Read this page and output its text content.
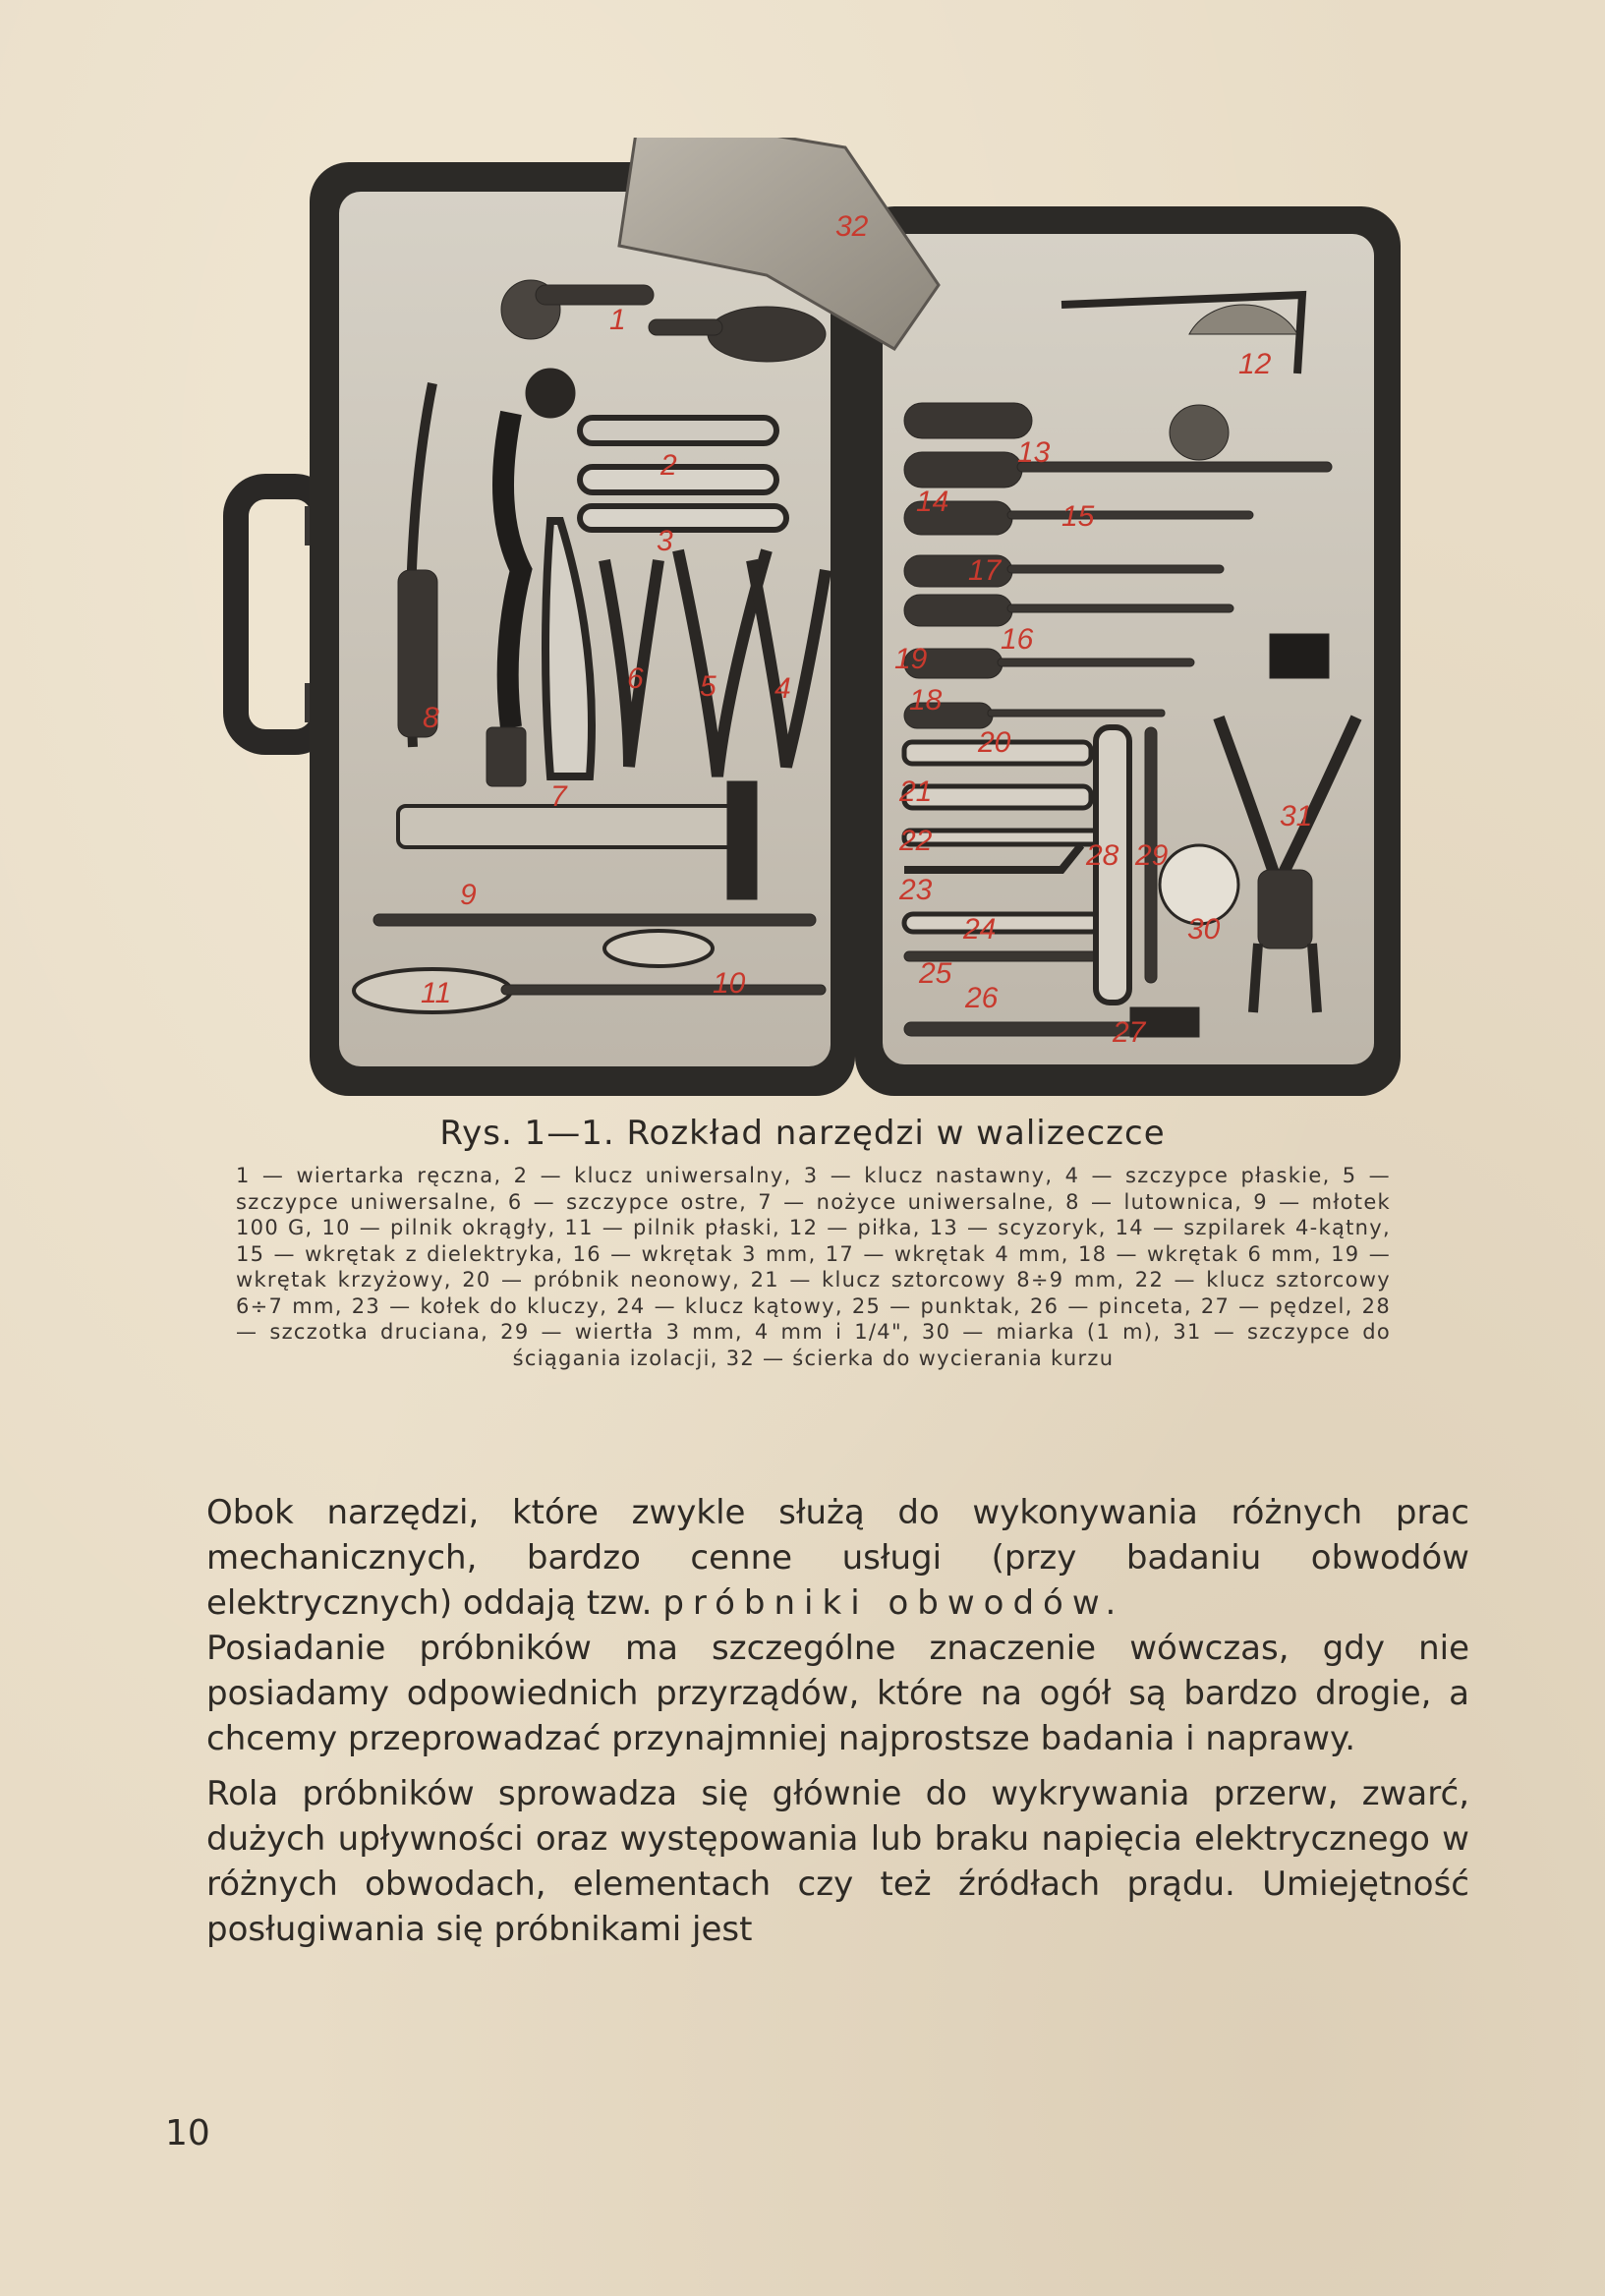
1
2
3
4
5
6
7
8
9
10
11
12
13
14	15
16
17
18
19
20
21
22
23
24
25
26
27
28 29
30
31
32
Rys. 1—1. Rozkład narzędzi w walizeczce
1 — wiertarka ręczna, 2 — klucz uniwersalny, 3 — klucz nastawny, 4 — szczypce płaskie, 5 — szczypce uniwersalne, 6 — szczypce ostre, 7 — nożyce uniwersalne, 8 — lutownica, 9 — młotek 100 G, 10 — pilnik okrągły, 11 — pilnik płaski, 12 — piłka, 13 — scyzoryk, 14 — szpilarek 4-kątny, 15 — wkrętak z dielektryka, 16 — wkrętak 3 mm, 17 — wkrętak 4 mm, 18 — wkrętak 6 mm, 19 — wkrętak krzyżowy, 20 — próbnik neonowy, 21 — klucz sztorcowy 8÷9 mm, 22 — klucz sztorcowy 6÷7 mm, 23 — kołek do kluczy, 24 — klucz kątowy, 25 — punktak, 26 — pinceta, 27 — pędzel, 28 — szczotka druciana, 29 — wiertła 3 mm, 4 mm i 1/4", 30 — miarka (1 m), 31 — szczypce do ściągania izolacji, 32 — ścierka do wycierania kurzu

Obok narzędzi, które zwykle służą do wykonywania różnych prac mechanicznych, bardzo cenne usługi (przy badaniu obwodów elektrycznych) oddają tzw. próbniki obwodów.

Posiadanie próbników ma szczególne znaczenie wówczas, gdy nie posiadamy odpowiednich przyrządów, które na ogół są bardzo drogie, a chcemy przeprowadzać przynajmniej najprostsze badania i naprawy.

Rola próbników sprowadza się głównie do wykrywania przerw, zwarć, dużych upływności oraz występowania lub braku napięcia elektrycznego w różnych obwodach, elementach czy też źródłach prądu. Umiejętność posługiwania się próbnikami jest

10
